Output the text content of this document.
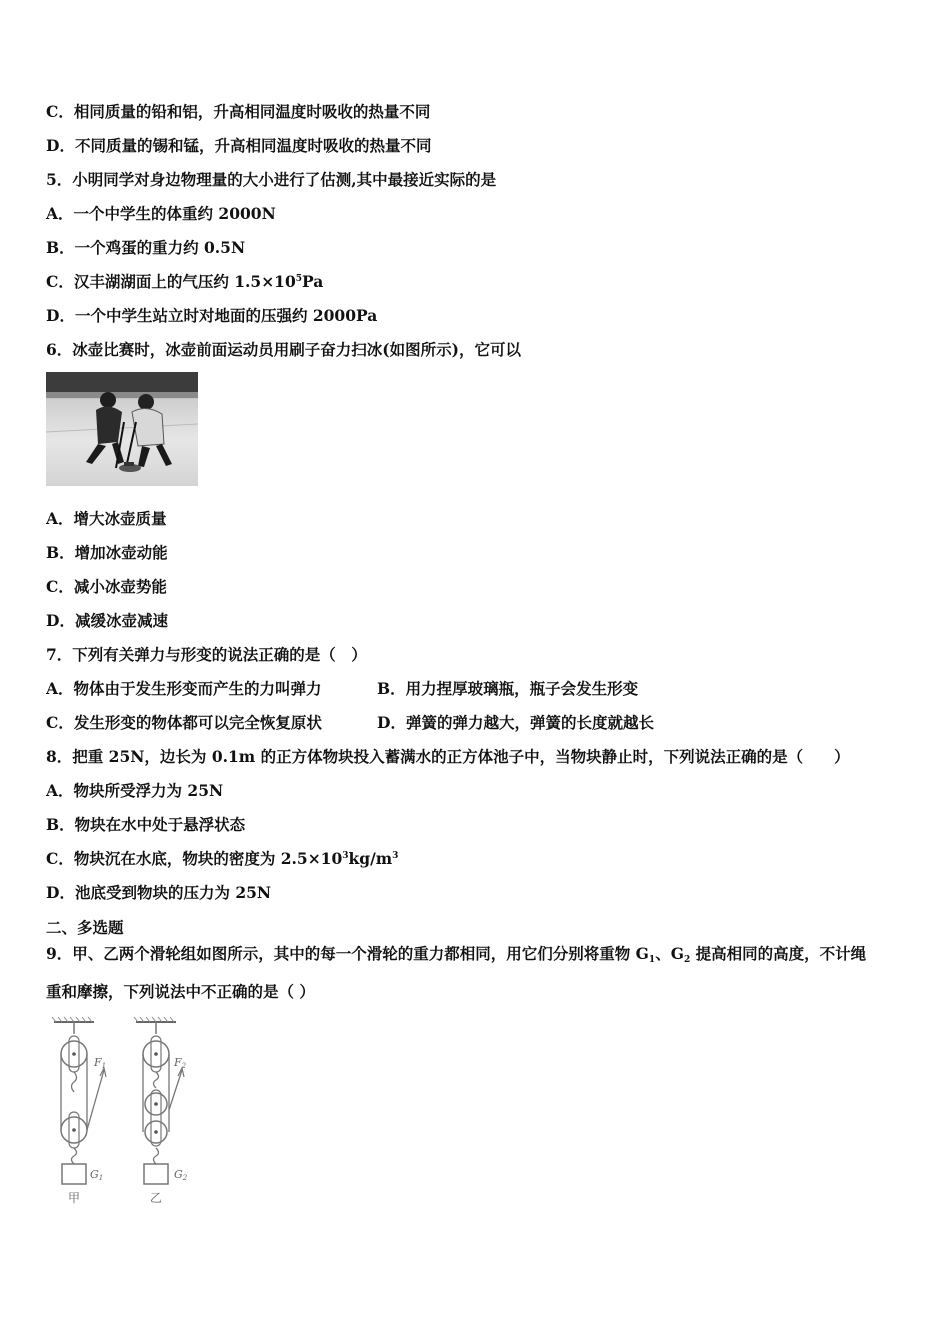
C．相同质量的铅和铝，升高相同温度时吸收的热量不同
D．不同质量的锡和锰，升高相同温度时吸收的热量不同
5．小明同学对身边物理量的大小进行了估测,其中最接近实际的是
A．一个中学生的体重约 2000N
B．一个鸡蛋的重力约 0.5N
C．汉丰湖湖面上的气压约 $1.5\times 10^5Pa$
D．一个中学生站立时对地面的压强约 2000Pa
6．冰壶比赛时，冰壶前面运动员用刷子奋力扫冰(如图所示)，它可以
A．增大冰壶质量
B．增加冰壶动能
C．减小冰壶势能
D．减缓冰壶减速
7．下列有关弹力与形变的说法正确的是（　）
A．物体由于发生形变而产生的力叫弹力	B．用力捏厚玻璃瓶，瓶子会发生形变
C．发生形变的物体都可以完全恢复原状	D．弹簧的弹力越大，弹簧的长度就越长
8．把重 25N，边长为 0.1m 的正方体物块投入蓄满水的正方体池子中，当物块静止时，下列说法正确的是（　　）
A．物块所受浮力为 25N
B．物块在水中处于悬浮状态
C．物块沉在水底，物块的密度为 $2.5\times 10^3kg/m^3$
D．池底受到物块的压力为 25N
二、多选题
9．甲、乙两个滑轮组如图所示，其中的每一个滑轮的重力都相同，用它们分别将重物 $G_1$、$G_2$ 提高相同的高度，不计绳
重和摩擦，下列说法中不正确的是（ ）
F1
G1
甲
F2
G2
乙
